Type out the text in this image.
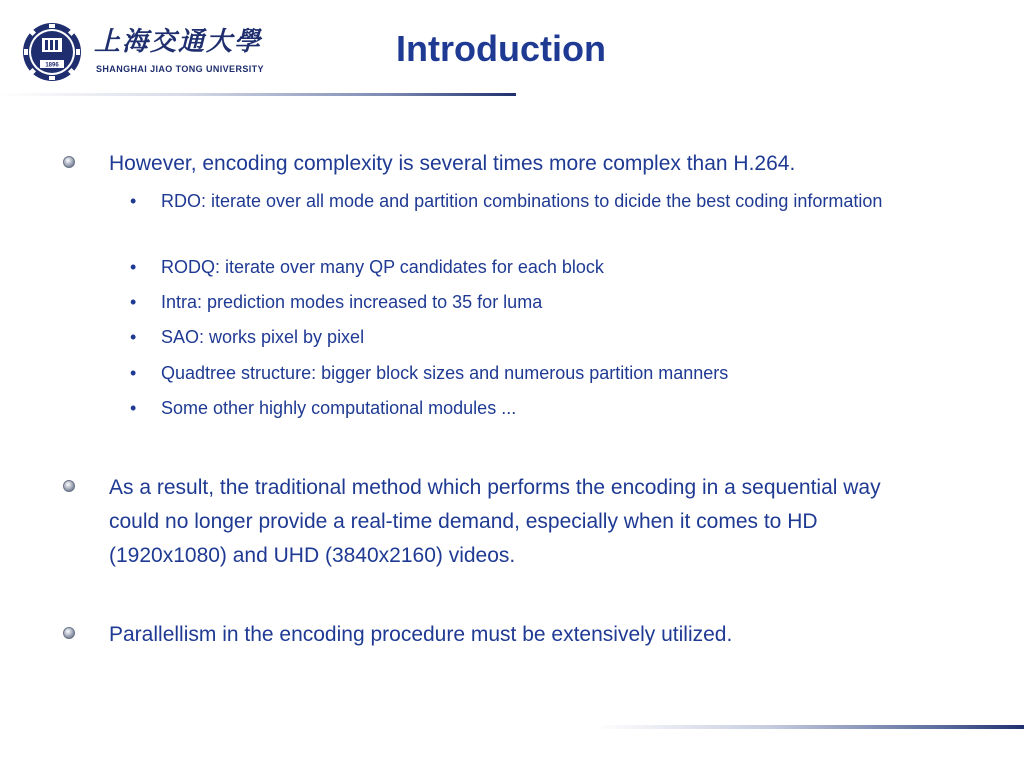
1896
上海交通大學
SHANGHAI JIAO TONG UNIVERSITY	Introduction
However, encoding complexity is several times more complex than H.264.
• RDO: iterate over all mode and partition combinations to dicide the best coding information
• RODQ: iterate over many QP candidates for each block
• Intra: prediction modes increased to 35 for luma
• SAO: works pixel by pixel
• Quadtree structure: bigger block sizes and numerous partition manners
• Some other highly computational modules ...
As a result, the traditional method which performs the encoding in a sequential way could no longer provide a real-time demand, especially when it comes to HD (1920x1080) and UHD (3840x2160) videos.
Parallellism in the encoding procedure must be extensively utilized.
